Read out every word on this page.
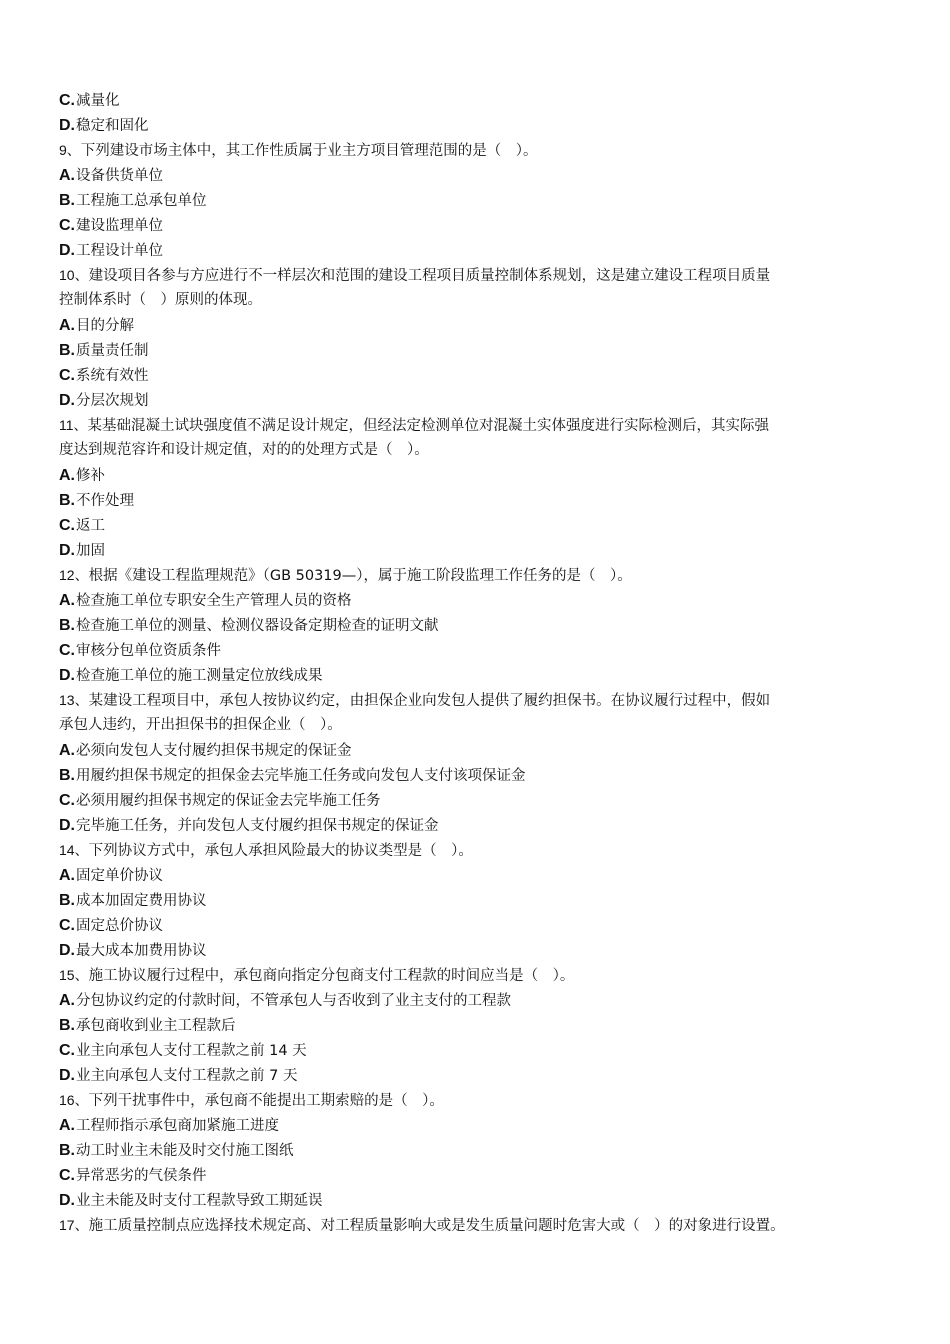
C.减量化
D.稳定和固化
9、下列建设市场主体中，其工作性质属于业主方项目管理范围的是（　）。
A.设备供货单位
B.工程施工总承包单位
C.建设监理单位
D.工程设计单位
10、建设项目各参与方应进行不一样层次和范围的建设工程项目质量控制体系规划，这是建立建设工程项目质量
控制体系时（　）原则的体现。
A.目的分解
B.质量责任制
C.系统有效性
D.分层次规划
11、某基础混凝土试块强度值不满足设计规定，但经法定检测单位对混凝土实体强度进行实际检测后，其实际强
度达到规范容许和设计规定值，对的的处理方式是（　）。
A.修补
B.不作处理
C.返工
D.加固
12、根据《建设工程监理规范》（GB 50319—），属于施工阶段监理工作任务的是（　）。
A.检查施工单位专职安全生产管理人员的资格
B.检查施工单位的测量、检测仪器设备定期检查的证明文献
C.审核分包单位资质条件
D.检查施工单位的施工测量定位放线成果
13、某建设工程项目中，承包人按协议约定，由担保企业向发包人提供了履约担保书。在协议履行过程中，假如
承包人违约，开出担保书的担保企业（　）。
A.必须向发包人支付履约担保书规定的保证金
B.用履约担保书规定的担保金去完毕施工任务或向发包人支付该项保证金
C.必须用履约担保书规定的保证金去完毕施工任务
D.完毕施工任务，并向发包人支付履约担保书规定的保证金
14、下列协议方式中，承包人承担风险最大的协议类型是（　）。
A.固定单价协议
B.成本加固定费用协议
C.固定总价协议
D.最大成本加费用协议
15、施工协议履行过程中，承包商向指定分包商支付工程款的时间应当是（　）。
A.分包协议约定的付款时间，不管承包人与否收到了业主支付的工程款
B.承包商收到业主工程款后
C.业主向承包人支付工程款之前 14 天
D.业主向承包人支付工程款之前 7 天
16、下列干扰事件中，承包商不能提出工期索赔的是（　）。
A.工程师指示承包商加紧施工进度
B.动工时业主未能及时交付施工图纸
C.异常恶劣的气侯条件
D.业主未能及时支付工程款导致工期延误
17、施工质量控制点应选择技术规定高、对工程质量影响大或是发生质量问题时危害大或（　）的对象进行设置。
